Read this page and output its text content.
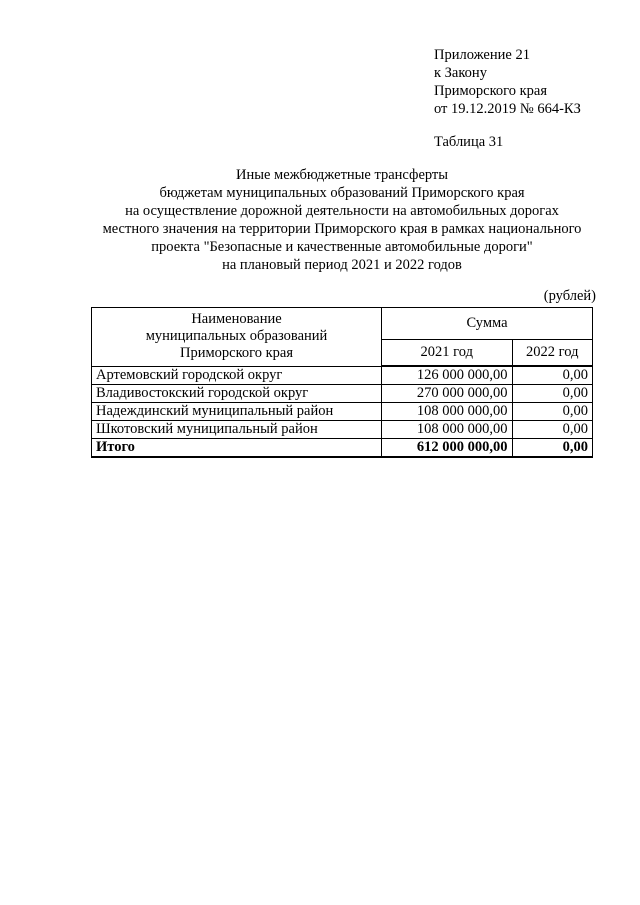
Приложение 21
к Закону
Приморского края
от 19.12.2019 № 664-КЗ
Таблица 31
Иные межбюджетные трансферты
бюджетам муниципальных образований Приморского края
на осуществление дорожной деятельности на автомобильных дорогах
местного значения на территории Приморского края в рамках национального
проекта "Безопасные и качественные автомобильные дороги"
на плановый период 2021 и 2022 годов
(рублей)
Наименование
муниципальных образований
Приморского края	Сумма	
	2021 год	2022 год
Артемовский городской округ	126 000 000,00	0,00
Владивостокский городской округ	270 000 000,00	0,00
Надеждинский муниципальный район	108 000 000,00	0,00
Шкотовский муниципальный район	108 000 000,00	0,00
Итого	612 000 000,00	0,00
